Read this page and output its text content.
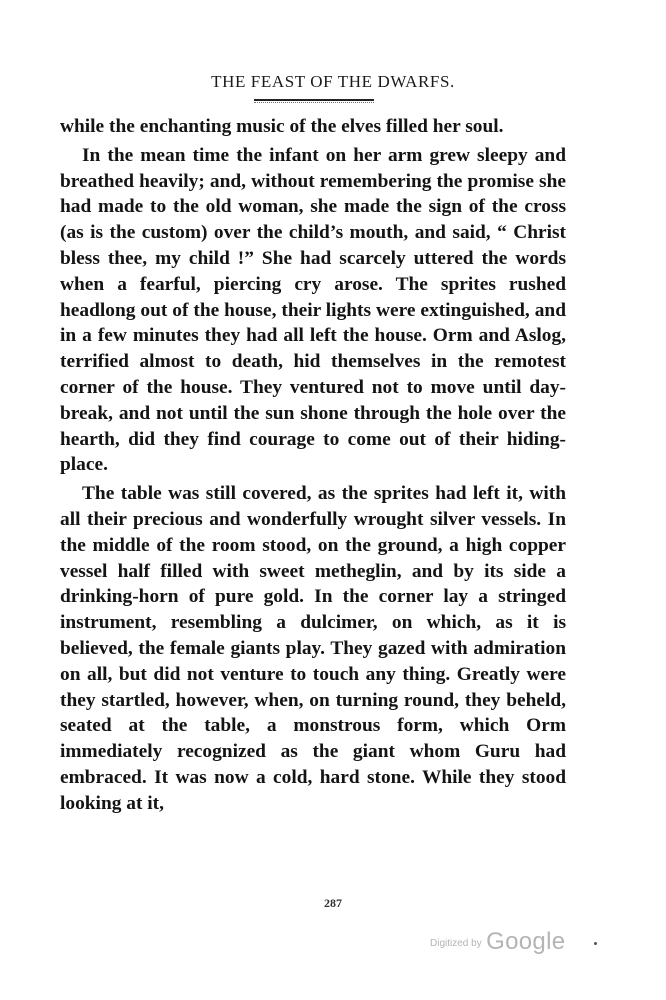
THE FEAST OF THE DWARFS.

while the enchanting music of the elves filled her soul.

In the mean time the infant on her arm grew sleepy and breathed heavily; and, without remembering the promise she had made to the old woman, she made the sign of the cross (as is the custom) over the child’s mouth, and said, “ Christ bless thee, my child !” She had scarcely uttered the words when a fearful, piercing cry arose. The sprites rushed headlong out of the house, their lights were extinguished, and in a few minutes they had all left the house. Orm and Aslog, terrified almost to death, hid themselves in the remotest corner of the house. They ventured not to move until day-break, and not until the sun shone through the hole over the hearth, did they find courage to come out of their hiding-place.

The table was still covered, as the sprites had left it, with all their precious and wonderfully wrought silver vessels. In the middle of the room stood, on the ground, a high copper vessel half filled with sweet metheglin, and by its side a drinking-horn of pure gold. In the corner lay a stringed instrument, resembling a dulcimer, on which, as it is believed, the female giants play. They gazed with admiration on all, but did not venture to touch any thing. Greatly were they startled, however, when, on turning round, they beheld, seated at the table, a monstrous form, which Orm immediately recognized as the giant whom Guru had embraced. It was now a cold, hard stone. While they stood looking at it,

287
Digitized by Google
